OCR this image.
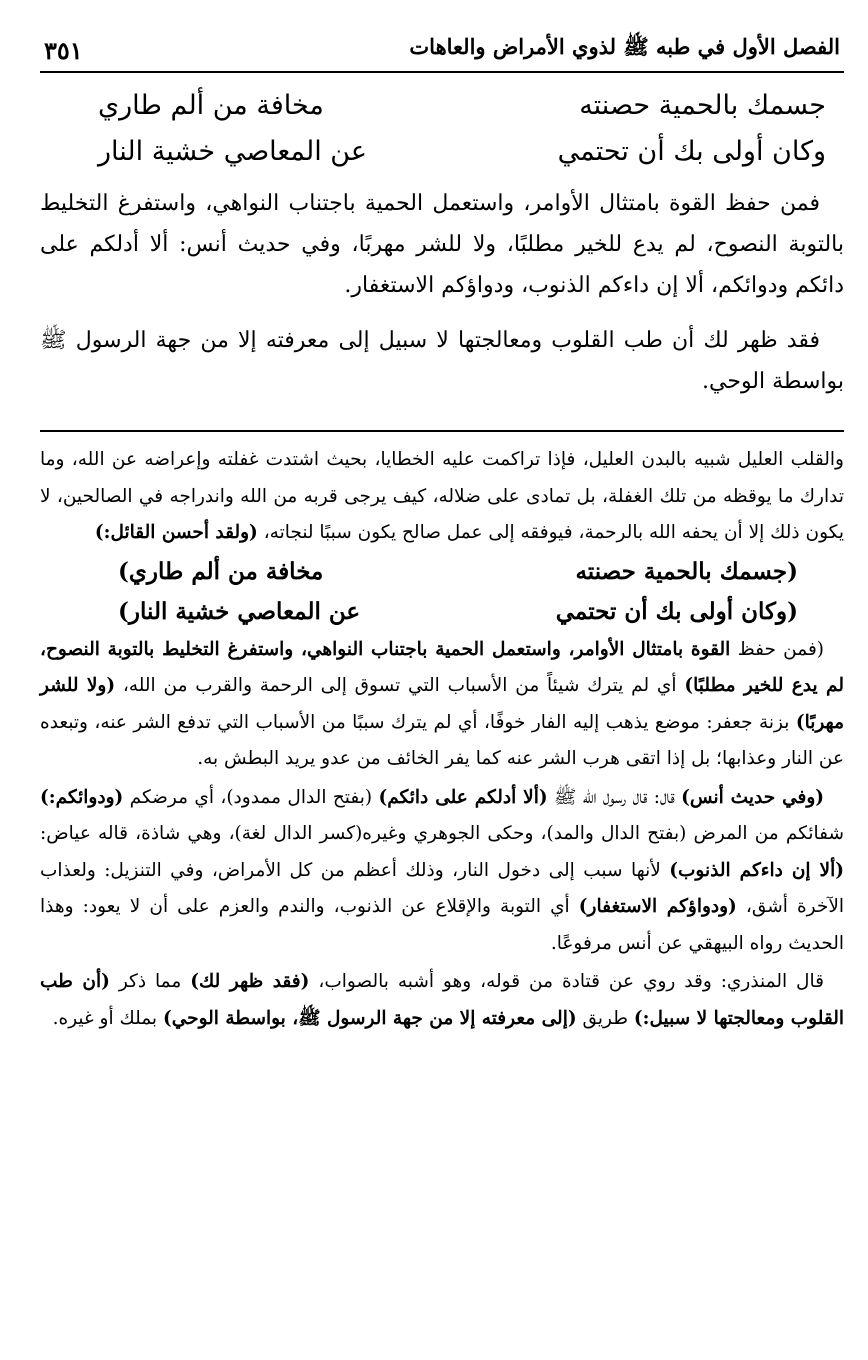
الفصل الأول في طبه ﷺ لذوي الأمراض والعاهات
٣٥١
جسمك بالحمية حصنته
مخافة من ألم طاري
وكان أولى بك أن تحتمي
عن المعاصي خشية النار

فمن حفظ القوة بامتثال الأوامر، واستعمل الحمية باجتناب النواهي، واستفرغ التخليط بالتوبة النصوح، لم يدع للخير مطلبًا، ولا للشر مهربًا، وفي حديث أنس: ألا أدلكم على دائكم ودوائكم، ألا إن داءكم الذنوب، ودواؤكم الاستغفار.

فقد ظهر لك أن طب القلوب ومعالجتها لا سبيل إلى معرفته إلا من جهة الرسول ﷺ بواسطة الوحي.

والقلب العليل شبيه بالبدن العليل، فإذا تراكمت عليه الخطايا، بحيث اشتدت غفلته وإعراضه عن الله، وما تدارك ما يوقظه من تلك الغفلة، بل تمادى على ضلاله، كيف يرجى قربه من الله واندراجه في الصالحين، لا يكون ذلك إلا أن يحفه الله بالرحمة، فيوفقه إلى عمل صالح يكون سببًا لنجاته، (ولقد أحسن القائل:)

(جسمك بالحمية حصنته
مخافة من ألم طاري)
(وكان أولى بك أن تحتمي
عن المعاصي خشية النار)

(فمن حفظ القوة بامتثال الأوامر، واستعمل الحمية باجتناب النواهي، واستفرغ التخليط بالتوبة النصوح، لم يدع للخير مطلبًا) أي لم يترك شيئاً من الأسباب التي تسوق إلى الرحمة والقرب من الله، (ولا للشر مهربًا) بزنة جعفر: موضع يذهب إليه الفار خوفًا، أي لم يترك سببًا من الأسباب التي تدفع الشر عنه، وتبعده عن النار وعذابها؛ بل إذا اتقى هرب الشر عنه كما يفر الخائف من عدو يريد البطش به.

(وفي حديث أنس) قال: قال رسول الله ﷺ (ألا أدلكم على دائكم) (بفتح الدال ممدود)، أي مرضكم (ودوائكم:) شفائكم من المرض (بفتح الدال والمد)، وحكى الجوهري وغيره(كسر الدال لغة)، وهي شاذة، قاله عياض: (ألا إن داءكم الذنوب) لأنها سبب إلى دخول النار، وذلك أعظم من كل الأمراض، وفي التنزيل: ولعذاب الآخرة أشق، (ودواؤكم الاستغفار) أي التوبة والإقلاع عن الذنوب، والندم والعزم على أن لا يعود: وهذا الحديث رواه البيهقي عن أنس مرفوعًا.

قال المنذري: وقد روي عن قتادة من قوله، وهو أشبه بالصواب، (فقد ظهر لك) مما ذكر (أن طب القلوب ومعالجتها لا سبيل:) طريق (إلى معرفته إلا من جهة الرسول ﷺ، بواسطة الوحي) بملك أو غيره.
